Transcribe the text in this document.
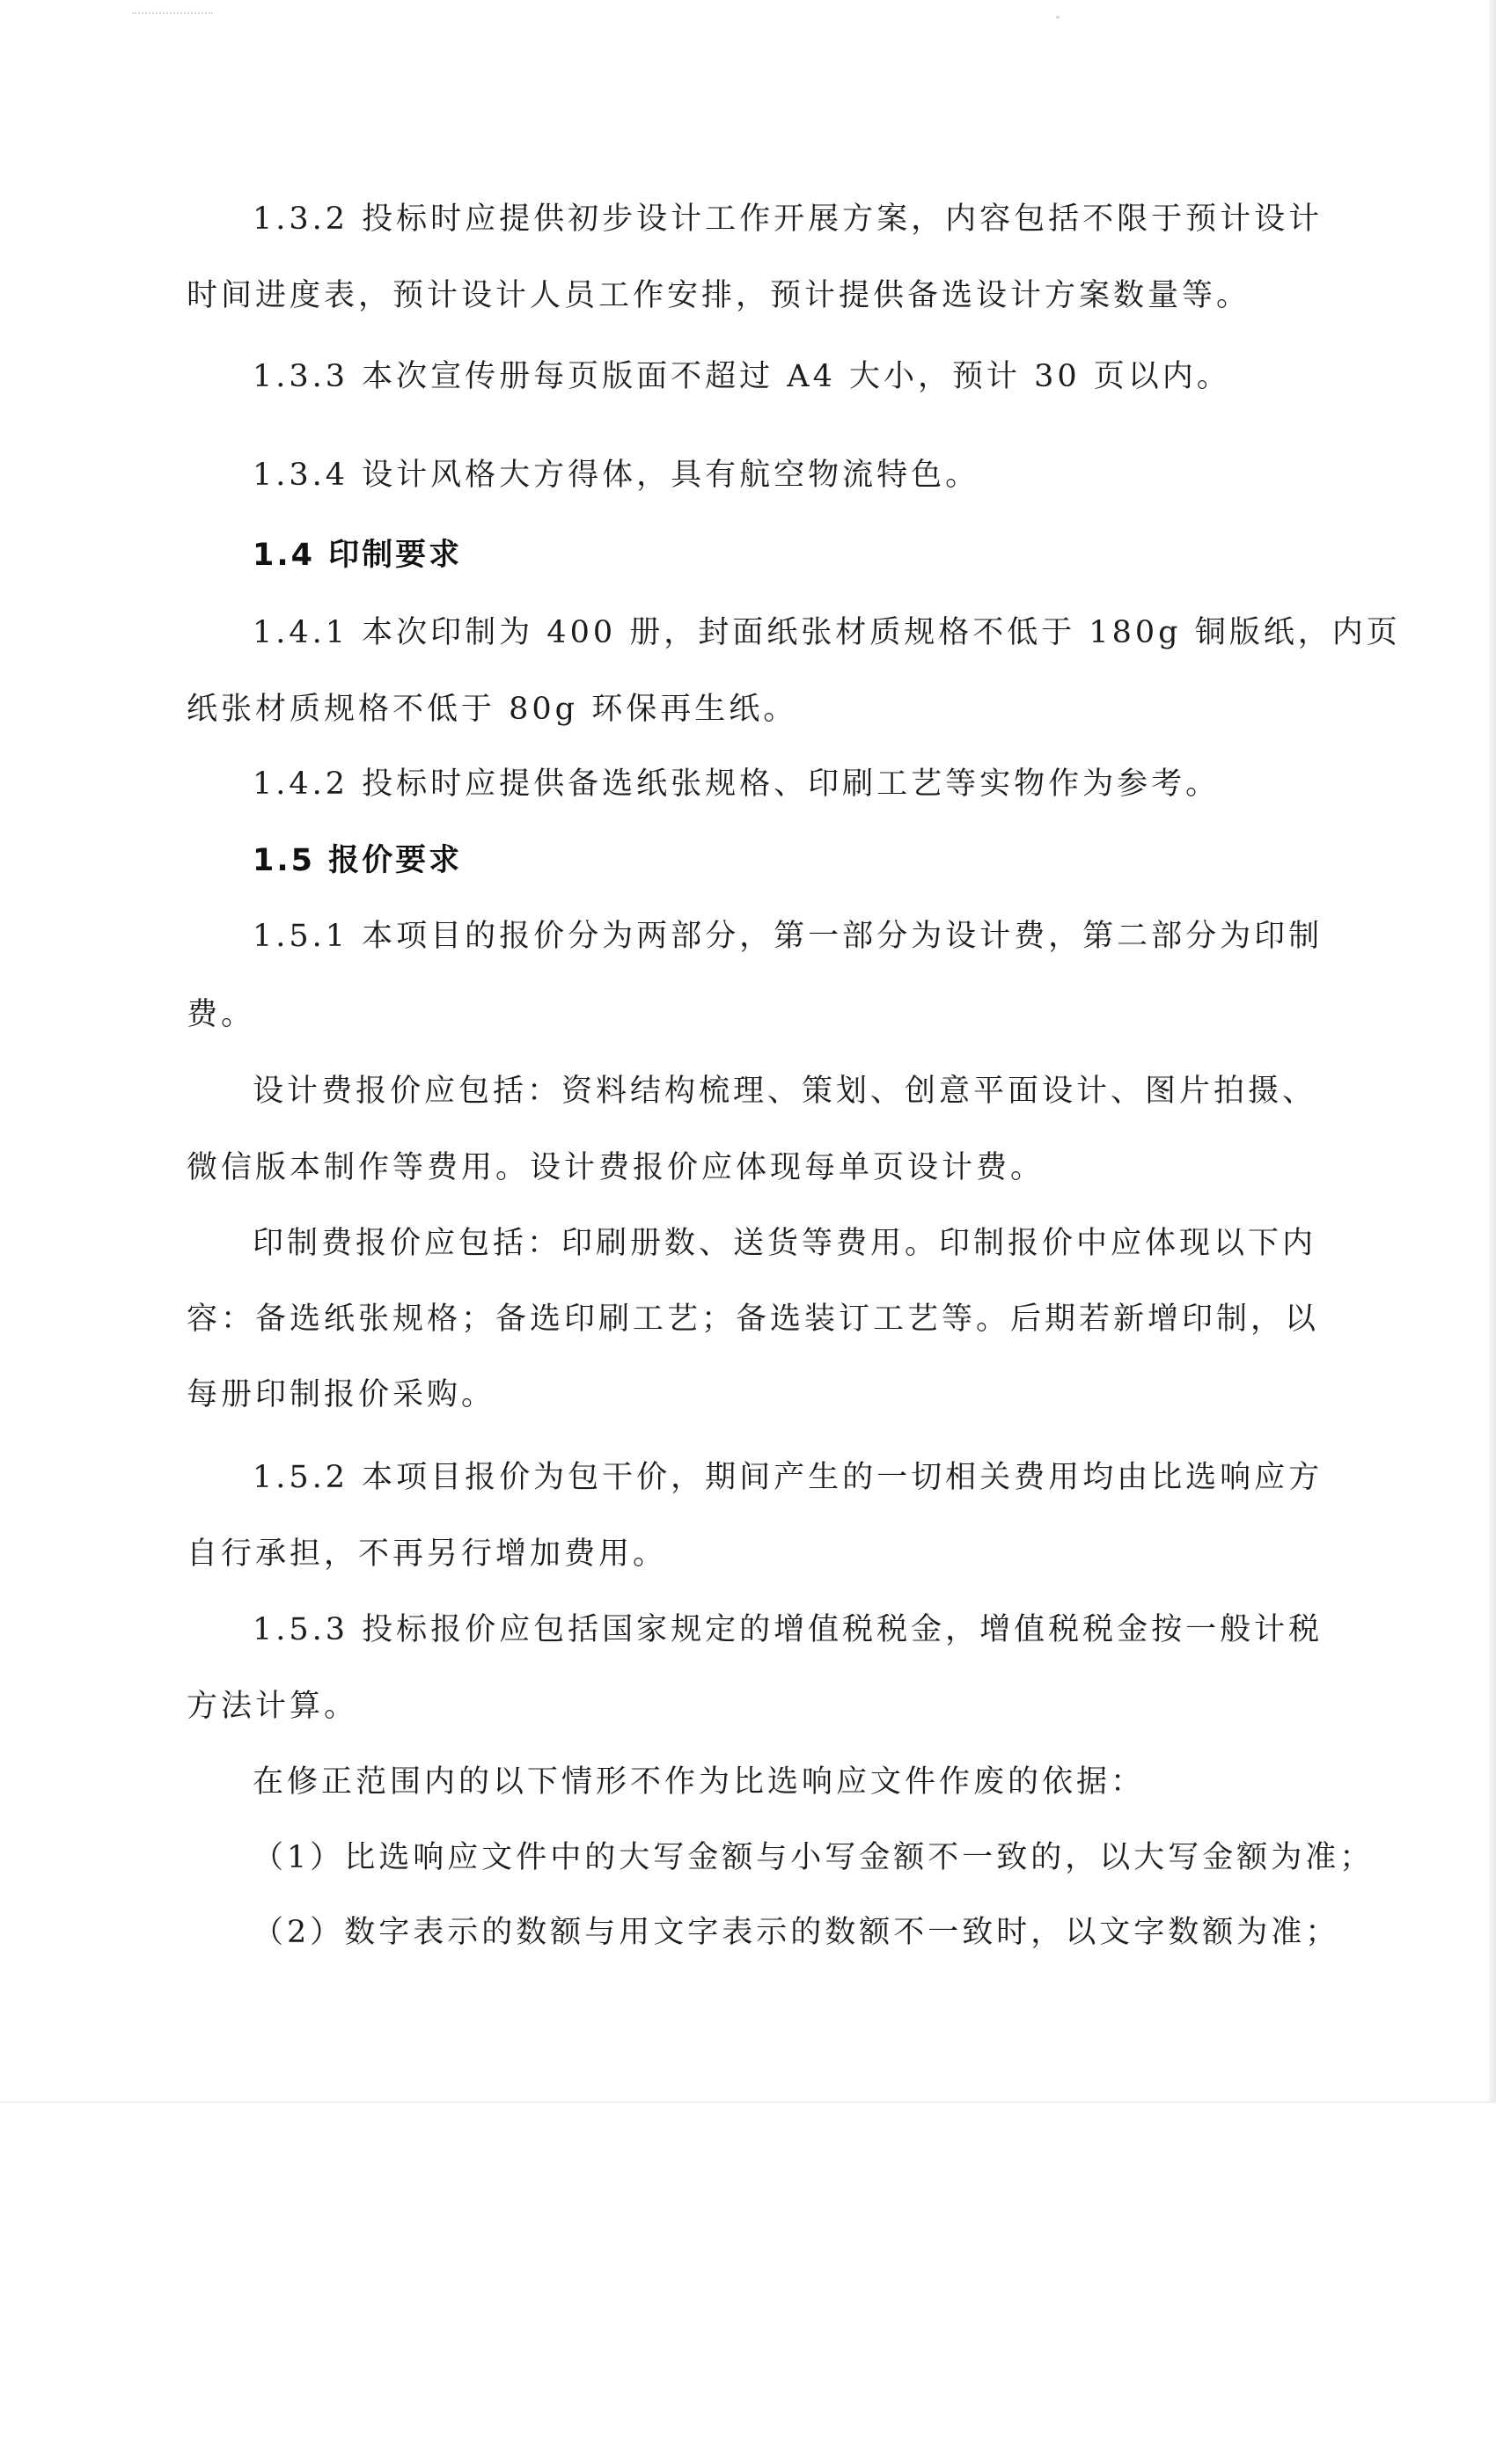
1.3.2 投标时应提供初步设计工作开展方案，内容包括不限于预计设计

时间进度表，预计设计人员工作安排，预计提供备选设计方案数量等。

1.3.3 本次宣传册每页版面不超过 A4 大小，预计 30 页以内。

1.3.4 设计风格大方得体，具有航空物流特色。

1.4 印制要求

1.4.1 本次印制为 400 册，封面纸张材质规格不低于 180g 铜版纸，内页

纸张材质规格不低于 80g 环保再生纸。

1.4.2 投标时应提供备选纸张规格、印刷工艺等实物作为参考。

1.5 报价要求

1.5.1 本项目的报价分为两部分，第一部分为设计费，第二部分为印制

费。

设计费报价应包括：资料结构梳理、策划、创意平面设计、图片拍摄、

微信版本制作等费用。设计费报价应体现每单页设计费。

印制费报价应包括：印刷册数、送货等费用。印制报价中应体现以下内

容：备选纸张规格；备选印刷工艺；备选装订工艺等。后期若新增印制，以

每册印制报价采购。

1.5.2 本项目报价为包干价，期间产生的一切相关费用均由比选响应方

自行承担，不再另行增加费用。

1.5.3 投标报价应包括国家规定的增值税税金，增值税税金按一般计税

方法计算。

在修正范围内的以下情形不作为比选响应文件作废的依据：

（1）比选响应文件中的大写金额与小写金额不一致的，以大写金额为准；

（2）数字表示的数额与用文字表示的数额不一致时，以文字数额为准；
